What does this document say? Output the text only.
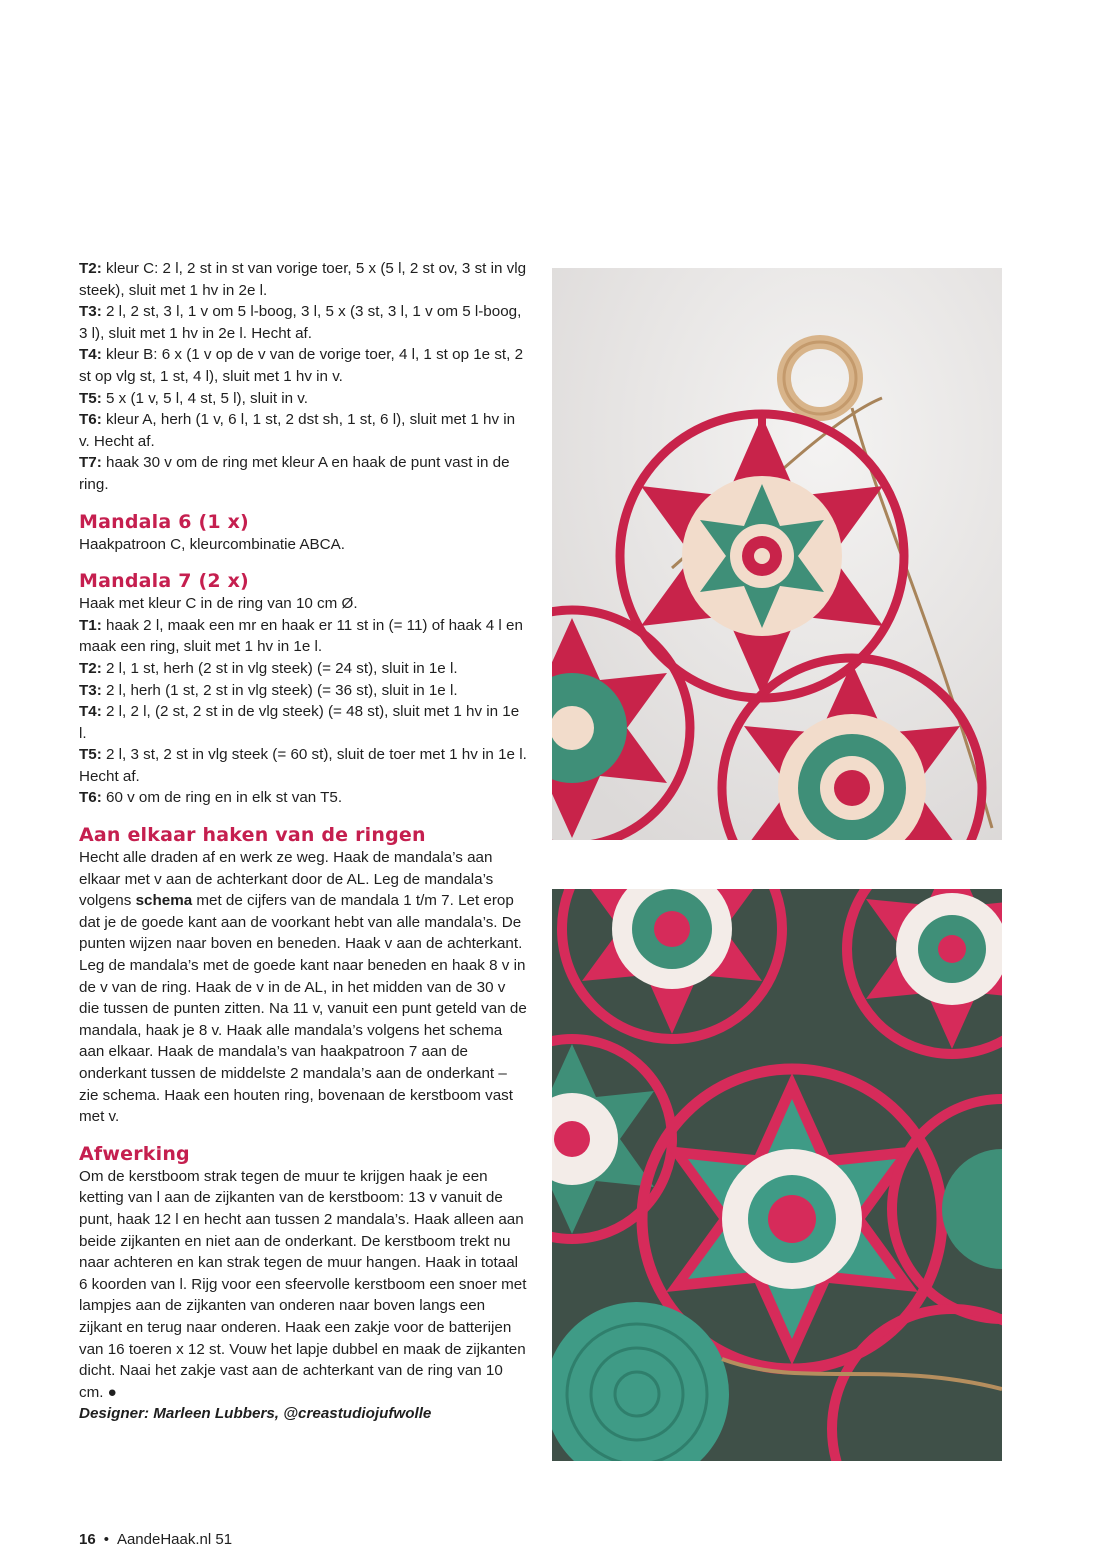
T2: kleur C: 2 l, 2 st in st van vorige toer, 5 x (5 l, 2 st ov, 3 st in vlg steek), sluit met 1 hv in 2e l.

T3: 2 l, 2 st, 3 l, 1 v om 5 l-boog, 3 l, 5 x (3 st, 3 l, 1 v om 5 l-boog, 3 l), sluit met 1 hv in 2e l. Hecht af.

T4: kleur B: 6 x (1 v op de v van de vorige toer, 4 l, 1 st op 1e st, 2 st op vlg st, 1 st, 4 l), sluit met 1 hv in v.

T5: 5 x (1 v, 5 l, 4 st, 5 l), sluit in v.

T6: kleur A, herh (1 v, 6 l, 1 st, 2 dst sh, 1 st, 6 l), sluit met 1 hv in v. Hecht af.

T7: haak 30 v om de ring met kleur A en haak de punt vast in de ring.

Mandala 6 (1 x)

Haakpatroon C, kleurcombinatie ABCA.

Mandala 7 (2 x)

Haak met kleur C in de ring van 10 cm Ø.

T1: haak 2 l, maak een mr en haak er 11 st in (= 11) of haak 4 l en maak een ring, sluit met 1 hv in 1e l.

T2: 2 l, 1 st, herh (2 st in vlg steek) (= 24 st), sluit in 1e l.

T3: 2 l, herh (1 st, 2 st in vlg steek) (= 36 st), sluit in 1e l.

T4: 2 l, 2 l, (2 st, 2 st in de vlg steek) (= 48 st), sluit met 1 hv in 1e l.

T5: 2 l, 3 st, 2 st in vlg steek (= 60 st), sluit de toer met 1 hv in 1e l. Hecht af.

T6: 60 v om de ring en in elk st van T5.

Aan elkaar haken van de ringen

Hecht alle draden af en werk ze weg. Haak de mandala’s aan elkaar met v aan de achterkant door de AL. Leg de mandala’s volgens schema met de cijfers van de mandala 1 t/m 7. Let erop dat je de goede kant aan de voorkant hebt van alle mandala’s. De punten wijzen naar boven en beneden. Haak v aan de achterkant. Leg de mandala’s met de goede kant naar beneden en haak 8 v in de v van de ring. Haak de v in de AL, in het midden van de 30 v die tussen de punten zitten. Na 11 v, vanuit een punt geteld van de mandala, haak je 8 v. Haak alle mandala’s volgens het schema aan elkaar. Haak de mandala’s van haakpatroon 7 aan de onderkant tussen de middelste 2 mandala’s aan de onderkant – zie schema. Haak een houten ring, bovenaan de kerstboom vast met v.

Afwerking

Om de kerstboom strak tegen de muur te krijgen haak je een ketting van l aan de zijkanten van de kerstboom: 13 v vanuit de punt, haak 12 l en hecht aan tussen 2 mandala’s. Haak alleen aan beide zijkanten en niet aan de onderkant. De kerstboom trekt nu naar achteren en kan strak tegen de muur hangen. Haak in totaal 6 koorden van l. Rijg voor een sfeervolle kerstboom een snoer met lampjes aan de zijkanten van onderen naar boven langs een zijkant en terug naar onderen. Haak een zakje voor de batterijen van 16 toeren x 12 st. Vouw het lapje dubbel en maak de zijkanten dicht. Naai het zakje vast aan de achterkant van de ring van 10 cm. ●

Designer: Marleen Lubbers, @creastudiojufwolle

16 • AandeHaak.nl 51
